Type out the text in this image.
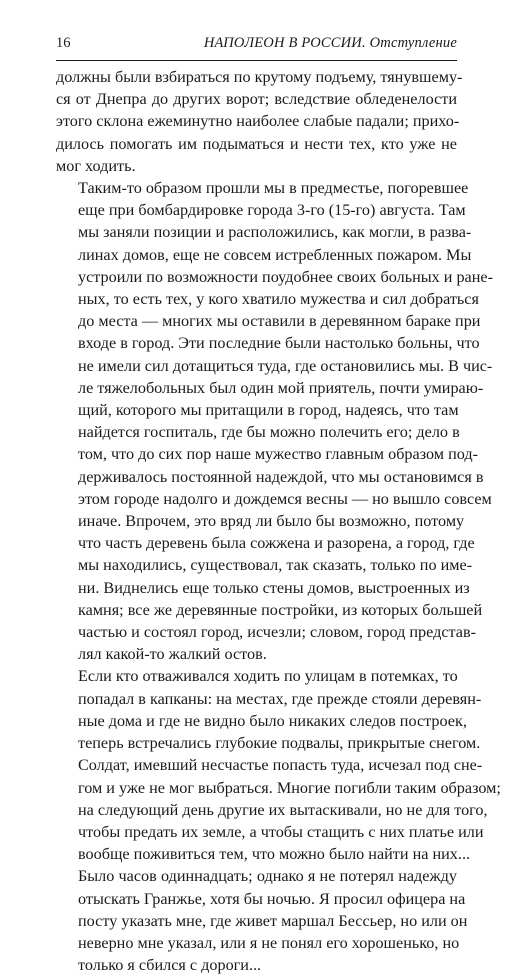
16	НАПОЛЕОН В РОССИИ. Отступление

должны были взбираться по крутому подъему, тянувшему-
ся от Днепра до других ворот; вследствие обледенелости
этого склона ежеминутно наиболее слабые падали; прихо-
дилось помогать им подыматься и нести тех, кто уже не
мог ходить.

Таким-то образом прошли мы в предместье, погоревшее
еще при бомбардировке города 3-го (15-го) августа. Там
мы заняли позиции и расположились, как могли, в разва-
линах домов, еще не совсем истребленных пожаром. Мы
устроили по возможности поудобнее своих больных и ране-
ных, то есть тех, у кого хватило мужества и сил добраться
до места — многих мы оставили в деревянном бараке при
входе в город. Эти последние были настолько больны, что
не имели сил дотащиться туда, где остановились мы. В чис-
ле тяжелобольных был один мой приятель, почти умираю-
щий, которого мы притащили в город, надеясь, что там
найдется госпиталь, где бы можно полечить его; дело в
том, что до сих пор наше мужество главным образом под-
держивалось постоянной надеждой, что мы остановимся в
этом городе надолго и дождемся весны — но вышло совсем
иначе. Впрочем, это вряд ли было бы возможно, потому
что часть деревень была сожжена и разорена, а город, где
мы находились, существовал, так сказать, только по име-
ни. Виднелись еще только стены домов, выстроенных из
камня; все же деревянные постройки, из которых большей
частью и состоял город, исчезли; словом, город представ-
лял какой-то жалкий остов.

Если кто отваживался ходить по улицам в потемках, то
попадал в капканы: на местах, где прежде стояли деревян-
ные дома и где не видно было никаких следов построек,
теперь встречались глубокие подвалы, прикрытые снегом.
Солдат, имевший несчастье попасть туда, исчезал под сне-
гом и уже не мог выбраться. Многие погибли таким образом;
на следующий день другие их вытаскивали, но не для того,
чтобы предать их земле, а чтобы стащить с них платье или
вообще поживиться тем, что можно было найти на них...

Было часов одиннадцать; однако я не потерял надежду
отыскать Гранжье, хотя бы ночью. Я просил офицера на
посту указать мне, где живет маршал Бессьер, но или он
неверно мне указал, или я не понял его хорошенько, но
только я сбился с дороги...
